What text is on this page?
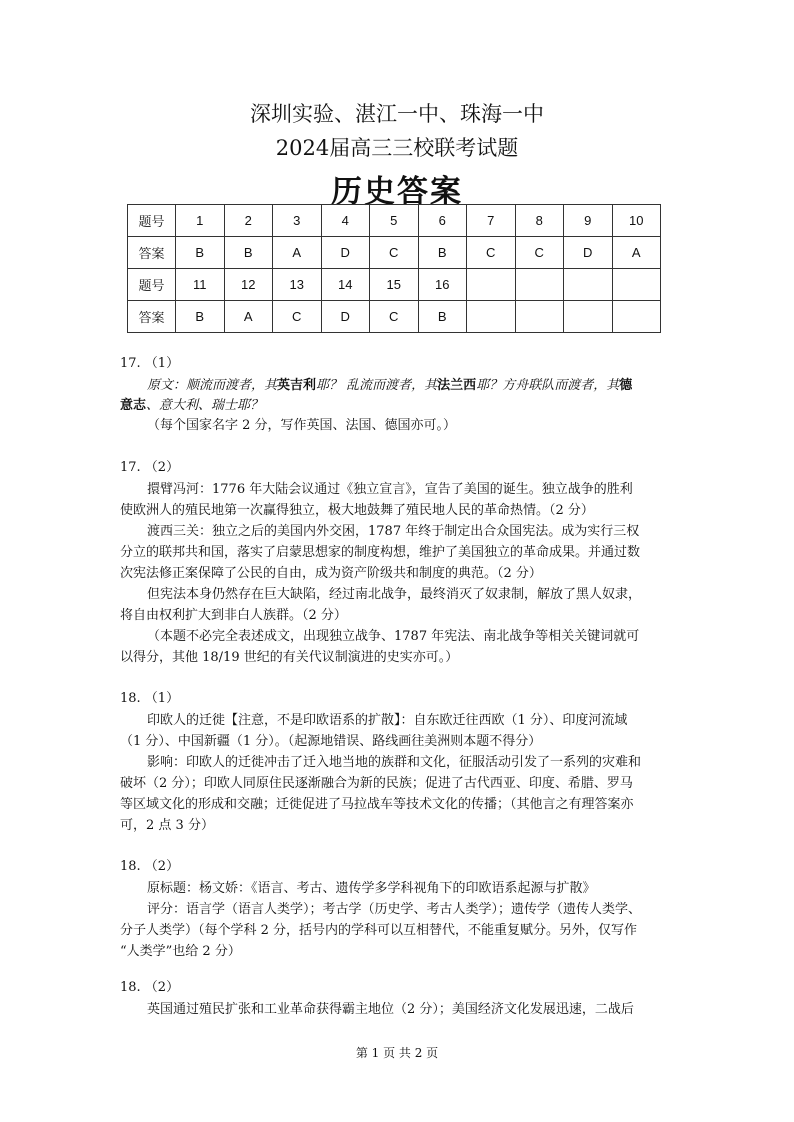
深圳实验、湛江一中、珠海一中
2024届高三三校联考试题
历史答案
题号	1	2	3	4	5	6	7	8	9	10
答案	B	B	A	D	C	B	C	C	D	A
题号	11	12	13	14	15	16				
答案	B	A	C	D	C	B				
17. （1）
原文：顺流而渡者，其英吉利耶？ 乱流而渡者，其法兰西耶？方舟联队而渡者，其德
意志、意大利、瑞士耶？
（每个国家名字 2 分，写作英国、法国、德国亦可。）
17. （2）
擐臂冯河：1776 年大陆会议通过《独立宣言》，宣告了美国的诞生。独立战争的胜利
使欧洲人的殖民地第一次赢得独立，极大地鼓舞了殖民地人民的革命热情。（2 分）
渡西三关：独立之后的美国内外交困，1787 年终于制定出合众国宪法。成为实行三权
分立的联邦共和国，落实了启蒙思想家的制度构想，维护了美国独立的革命成果。并通过数
次宪法修正案保障了公民的自由，成为资产阶级共和制度的典范。（2 分）
但宪法本身仍然存在巨大缺陷，经过南北战争，最终消灭了奴隶制，解放了黑人奴隶，
将自由权利扩大到非白人族群。（2 分）
（本题不必完全表述成文，出现独立战争、1787 年宪法、南北战争等相关关键词就可
以得分，其他 18/19 世纪的有关代议制演进的史实亦可。）
18. （1）
印欧人的迁徙【注意，不是印欧语系的扩散】：自东欧迁往西欧（1 分）、印度河流域
（1 分）、中国新疆（1 分）。（起源地错误、路线画往美洲则本题不得分）
影响：印欧人的迁徙冲击了迁入地当地的族群和文化，征服活动引发了一系列的灾难和
破坏（2 分）；印欧人同原住民逐渐融合为新的民族；促进了古代西亚、印度、希腊、罗马
等区域文化的形成和交融；迁徙促进了马拉战车等技术文化的传播；（其他言之有理答案亦
可，2 点 3 分）
18. （2）
原标题：杨文娇：《语言、考古、遗传学多学科视角下的印欧语系起源与扩散》
评分：语言学（语言人类学）；考古学（历史学、考古人类学）；遗传学（遗传人类学、
分子人类学）（每个学科 2 分，括号内的学科可以互相替代，不能重复赋分。另外，仅写作
“人类学”也给 2 分）
18. （2）
英国通过殖民扩张和工业革命获得霸主地位（2 分）；美国经济文化发展迅速，二战后
第 1 页 共 2 页
